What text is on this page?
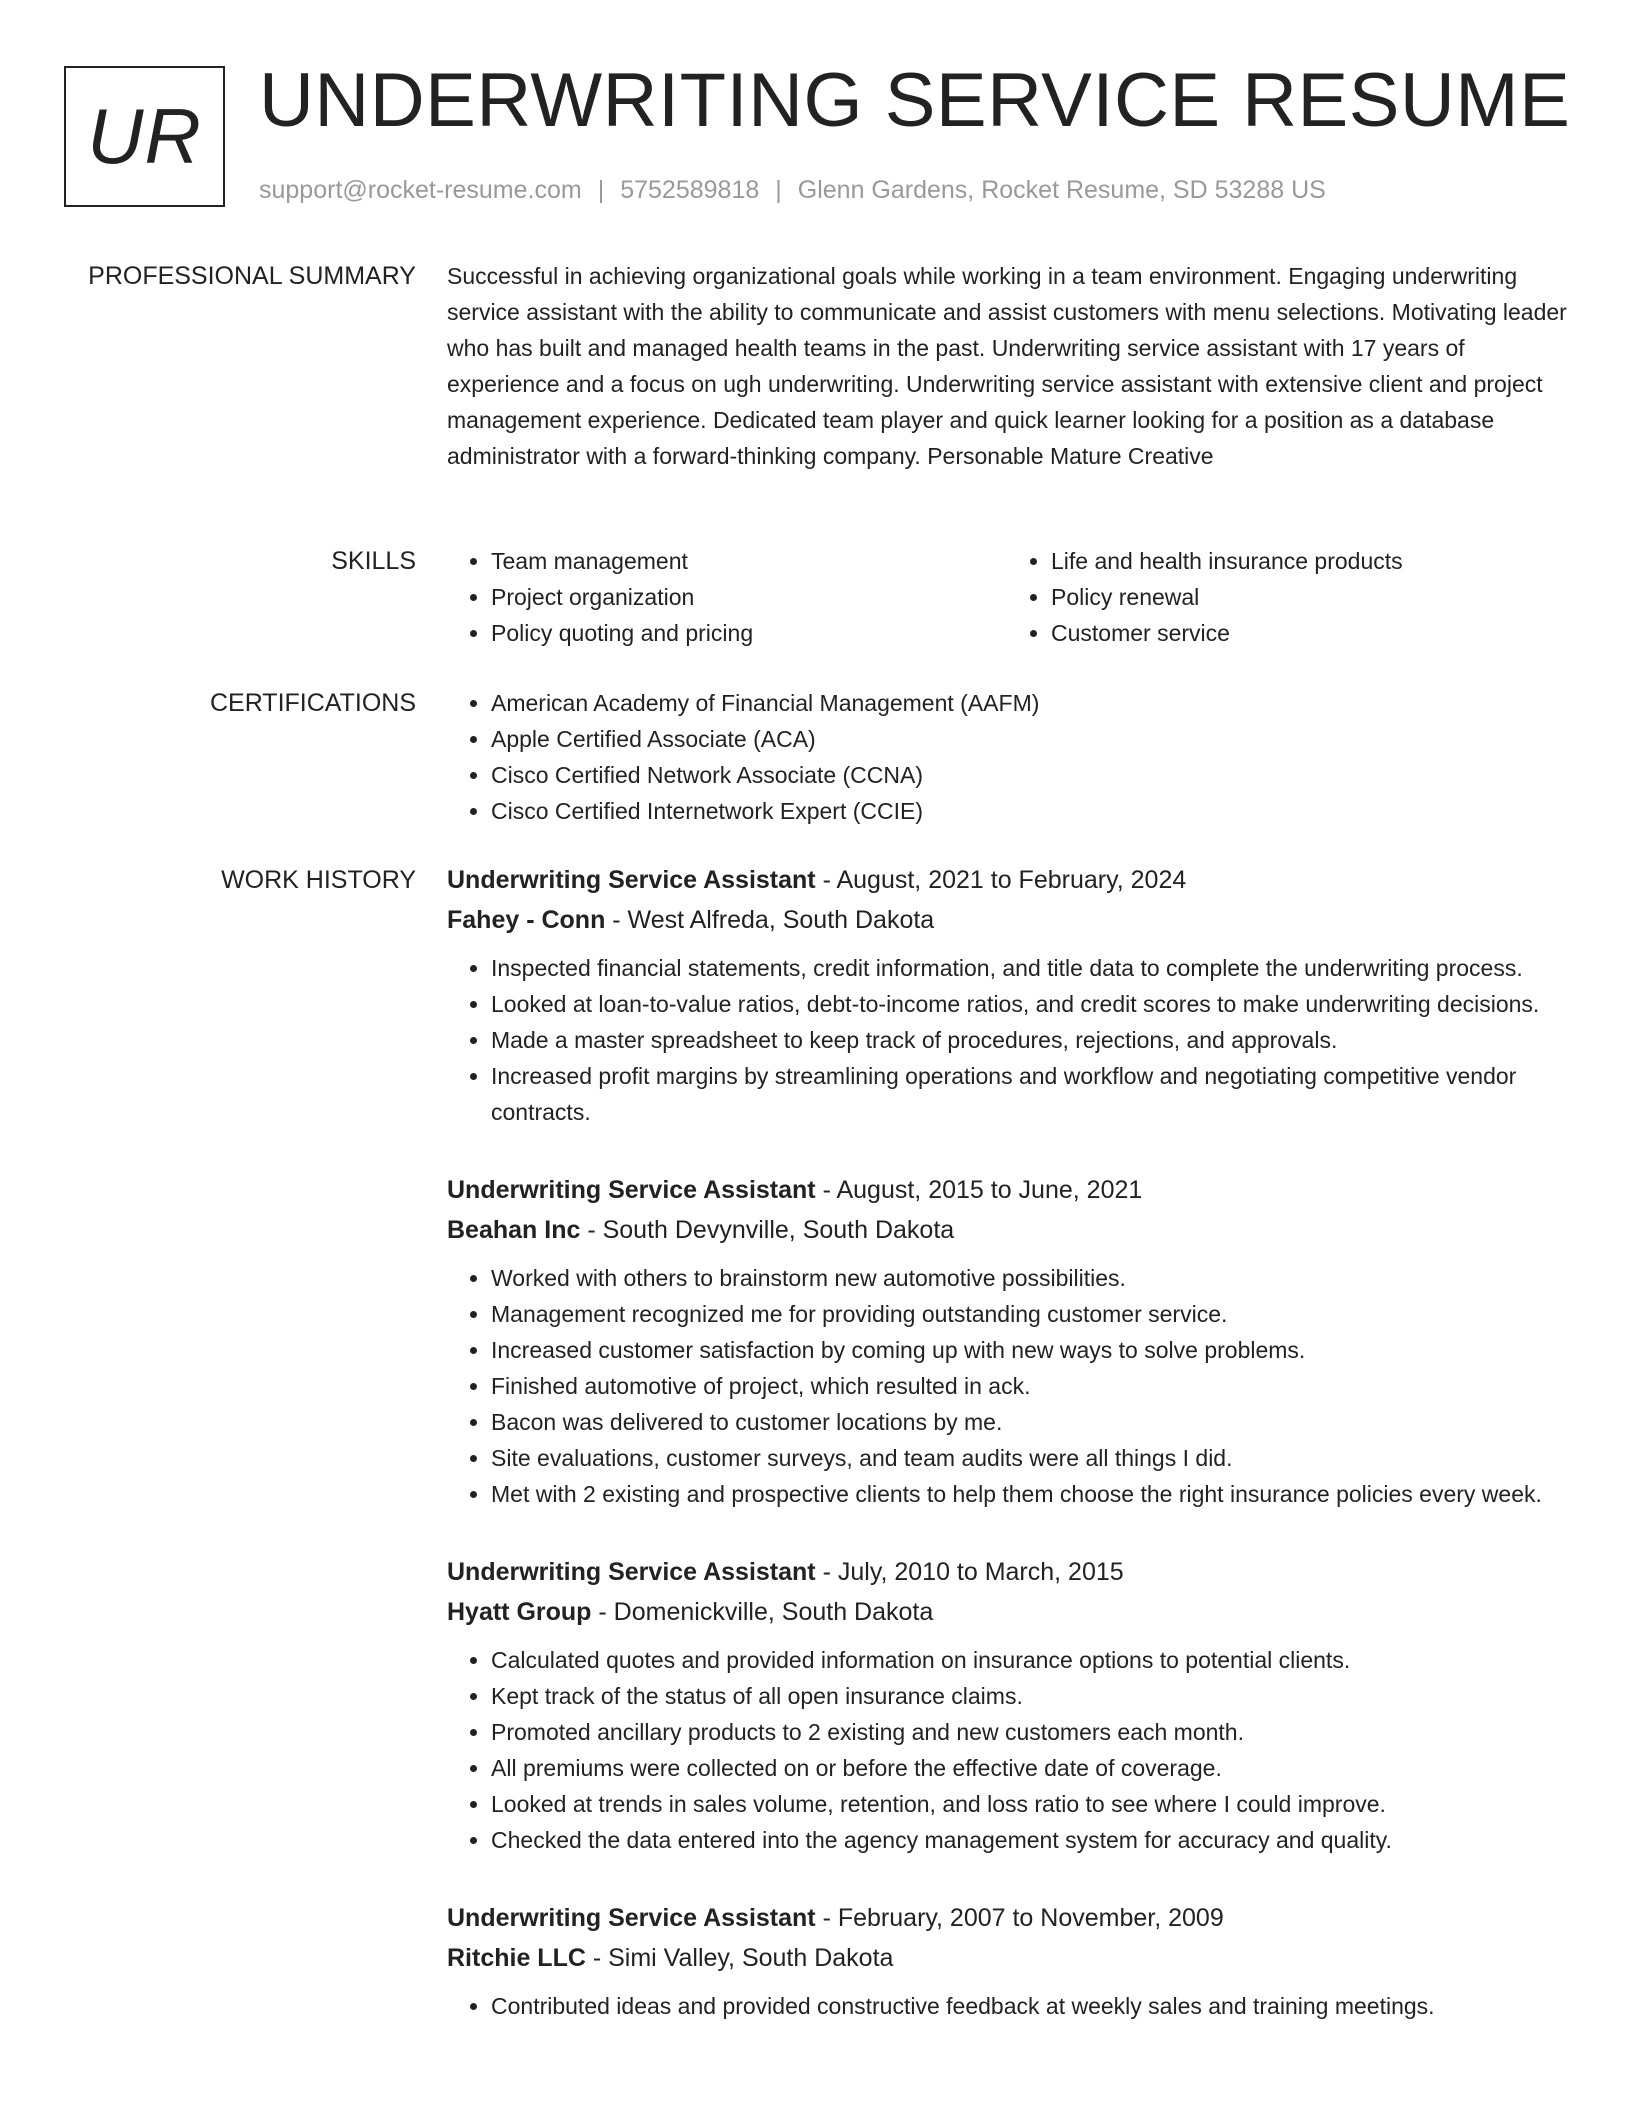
UR UNDERWRITING SERVICE RESUME
support@rocket-resume.com | 5752589818 | Glenn Gardens, Rocket Resume, SD 53288 US
PROFESSIONAL SUMMARY Successful in achieving organizational goals while working in a team environment. Engaging underwriting service assistant with the ability to communicate and assist customers with menu selections. Motivating leader who has built and managed health teams in the past. Underwriting service assistant with 17 years of experience and a focus on ugh underwriting. Underwriting service assistant with extensive client and project management experience. Dedicated team player and quick learner looking for a position as a database administrator with a forward-thinking company. Personable Mature Creative

SKILLS	• Team management
• Project organization
• Policy quoting and pricing
• Life and health insurance products
• Policy renewal
• Customer service
CERTIFICATIONS	• American Academy of Financial Management (AAFM)
• Apple Certified Associate (ACA)
• Cisco Certified Network Associate (CCNA)
• Cisco Certified Internetwork Expert (CCIE)
WORK HISTORY Underwriting Service Assistant - August, 2021 to February, 2024
Fahey - Conn - West Alfreda, South Dakota
• Inspected financial statements, credit information, and title data to complete the underwriting process.
• Looked at loan-to-value ratios, debt-to-income ratios, and credit scores to make underwriting decisions.
• Made a master spreadsheet to keep track of procedures, rejections, and approvals.
• Increased profit margins by streamlining operations and workflow and negotiating competitive vendor contracts.
Underwriting Service Assistant - August, 2015 to June, 2021
Beahan Inc - South Devynville, South Dakota
• Worked with others to brainstorm new automotive possibilities.
• Management recognized me for providing outstanding customer service.
• Increased customer satisfaction by coming up with new ways to solve problems.
• Finished automotive of project, which resulted in ack.
• Bacon was delivered to customer locations by me.
• Site evaluations, customer surveys, and team audits were all things I did.
• Met with 2 existing and prospective clients to help them choose the right insurance policies every week.
Underwriting Service Assistant - July, 2010 to March, 2015
Hyatt Group - Domenickville, South Dakota
• Calculated quotes and provided information on insurance options to potential clients.
• Kept track of the status of all open insurance claims.
• Promoted ancillary products to 2 existing and new customers each month.
• All premiums were collected on or before the effective date of coverage.
• Looked at trends in sales volume, retention, and loss ratio to see where I could improve.
• Checked the data entered into the agency management system for accuracy and quality.
Underwriting Service Assistant - February, 2007 to November, 2009
Ritchie LLC - Simi Valley, South Dakota
• Contributed ideas and provided constructive feedback at weekly sales and training meetings.
